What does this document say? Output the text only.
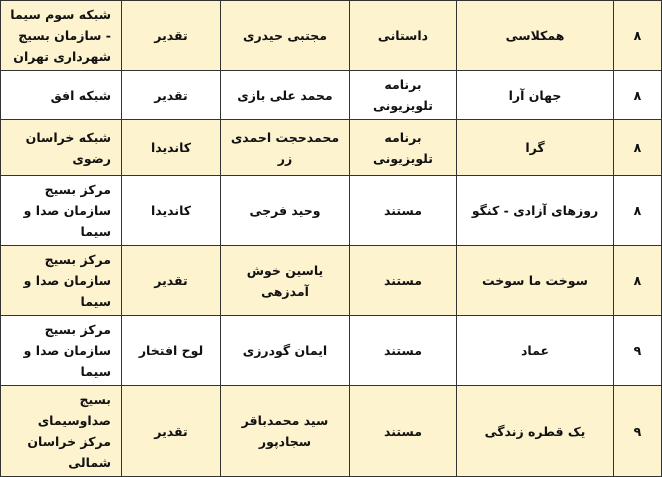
۸	همکلاسی	داستانی	مجتبی حیدری	تقدیر	شبکه سوم سیما - سازمان بسیج شهرداری تهران
۸	جهان آرا	برنامه تلویزیونی	محمد علی بازی	تقدیر	شبکه افق
۸	گرا	برنامه تلویزیونی	محمدحجت احمدی زر	کاندیدا	شبکه خراسان رضوی
۸	روزهای آزادی - کنگو	مستند	وحید فرجی	کاندیدا	مرکز بسیج سازمان صدا و سیما
۸	سوخت ما سوخت	مستند	یاسین خوش آمدزهی	تقدیر	مرکز بسیج سازمان صدا و سیما
۹	عماد	مستند	ایمان گودرزی	لوح افتخار	مرکز بسیج سازمان صدا و سیما
۹	یک قطره زندگی	مستند	سید محمدباقر سجادپور	تقدیر	بسیج صداوسیمای مرکز خراسان شمالی
